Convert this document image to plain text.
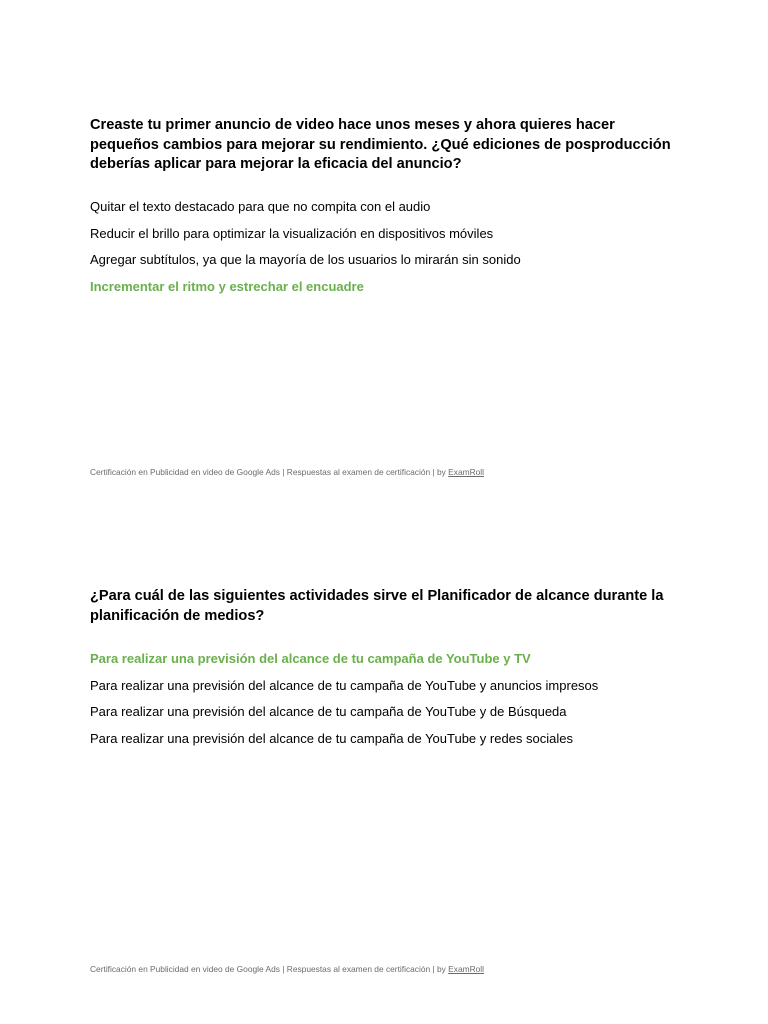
Creaste tu primer anuncio de video hace unos meses y ahora quieres hacer pequeños cambios para mejorar su rendimiento. ¿Qué ediciones de posproducción deberías aplicar para mejorar la eficacia del anuncio?

Quitar el texto destacado para que no compita con el audio
Reducir el brillo para optimizar la visualización en dispositivos móviles
Agregar subtítulos, ya que la mayoría de los usuarios lo mirarán sin sonido
Incrementar el ritmo y estrechar el encuadre
Certificación en Publicidad en video de Google Ads | Respuestas al examen de certificación | by ExamRoll

¿Para cuál de las siguientes actividades sirve el Planificador de alcance durante la planificación de medios?

Para realizar una previsión del alcance de tu campaña de YouTube y TV
Para realizar una previsión del alcance de tu campaña de YouTube y anuncios impresos
Para realizar una previsión del alcance de tu campaña de YouTube y de Búsqueda
Para realizar una previsión del alcance de tu campaña de YouTube y redes sociales
Certificación en Publicidad en video de Google Ads | Respuestas al examen de certificación | by ExamRoll
